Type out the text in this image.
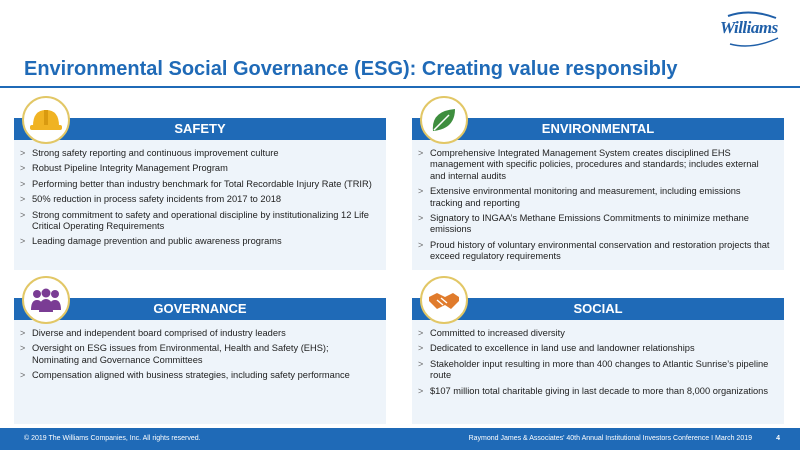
Williams
Environmental Social Governance (ESG): Creating value responsibly
SAFETY
> Strong safety reporting and continuous improvement culture
> Robust Pipeline Integrity Management Program
> Performing better than industry benchmark for Total Recordable Injury Rate (TRIR)
> 50% reduction in process safety incidents from 2017 to 2018
> Strong commitment to safety and operational discipline by institutionalizing 12 Life Critical Operating Requirements
> Leading damage prevention and public awareness programs
ENVIRONMENTAL
> Comprehensive Integrated Management System creates disciplined EHS management with specific policies, procedures and standards; includes external and internal audits
> Extensive environmental monitoring and measurement, including emissions tracking and reporting
> Signatory to INGAA’s Methane Emissions Commitments to minimize methane emissions
> Proud history of voluntary environmental conservation and restoration projects that exceed regulatory requirements
GOVERNANCE
> Diverse and independent board comprised of industry leaders
> Oversight on ESG issues from Environmental, Health and Safety (EHS); Nominating and Governance Committees
> Compensation aligned with business strategies, including safety performance
SOCIAL
> Committed to increased diversity
> Dedicated to excellence in land use and landowner relationships
> Stakeholder input resulting in more than 400 changes to Atlantic Sunrise’s pipeline route
> $107 million total charitable giving in last decade to more than 8,000 organizations
© 2019 The Williams Companies, Inc. All rights reserved.	Raymond James & Associates' 40th Annual Institutional Investors Conference I March 2019	4
